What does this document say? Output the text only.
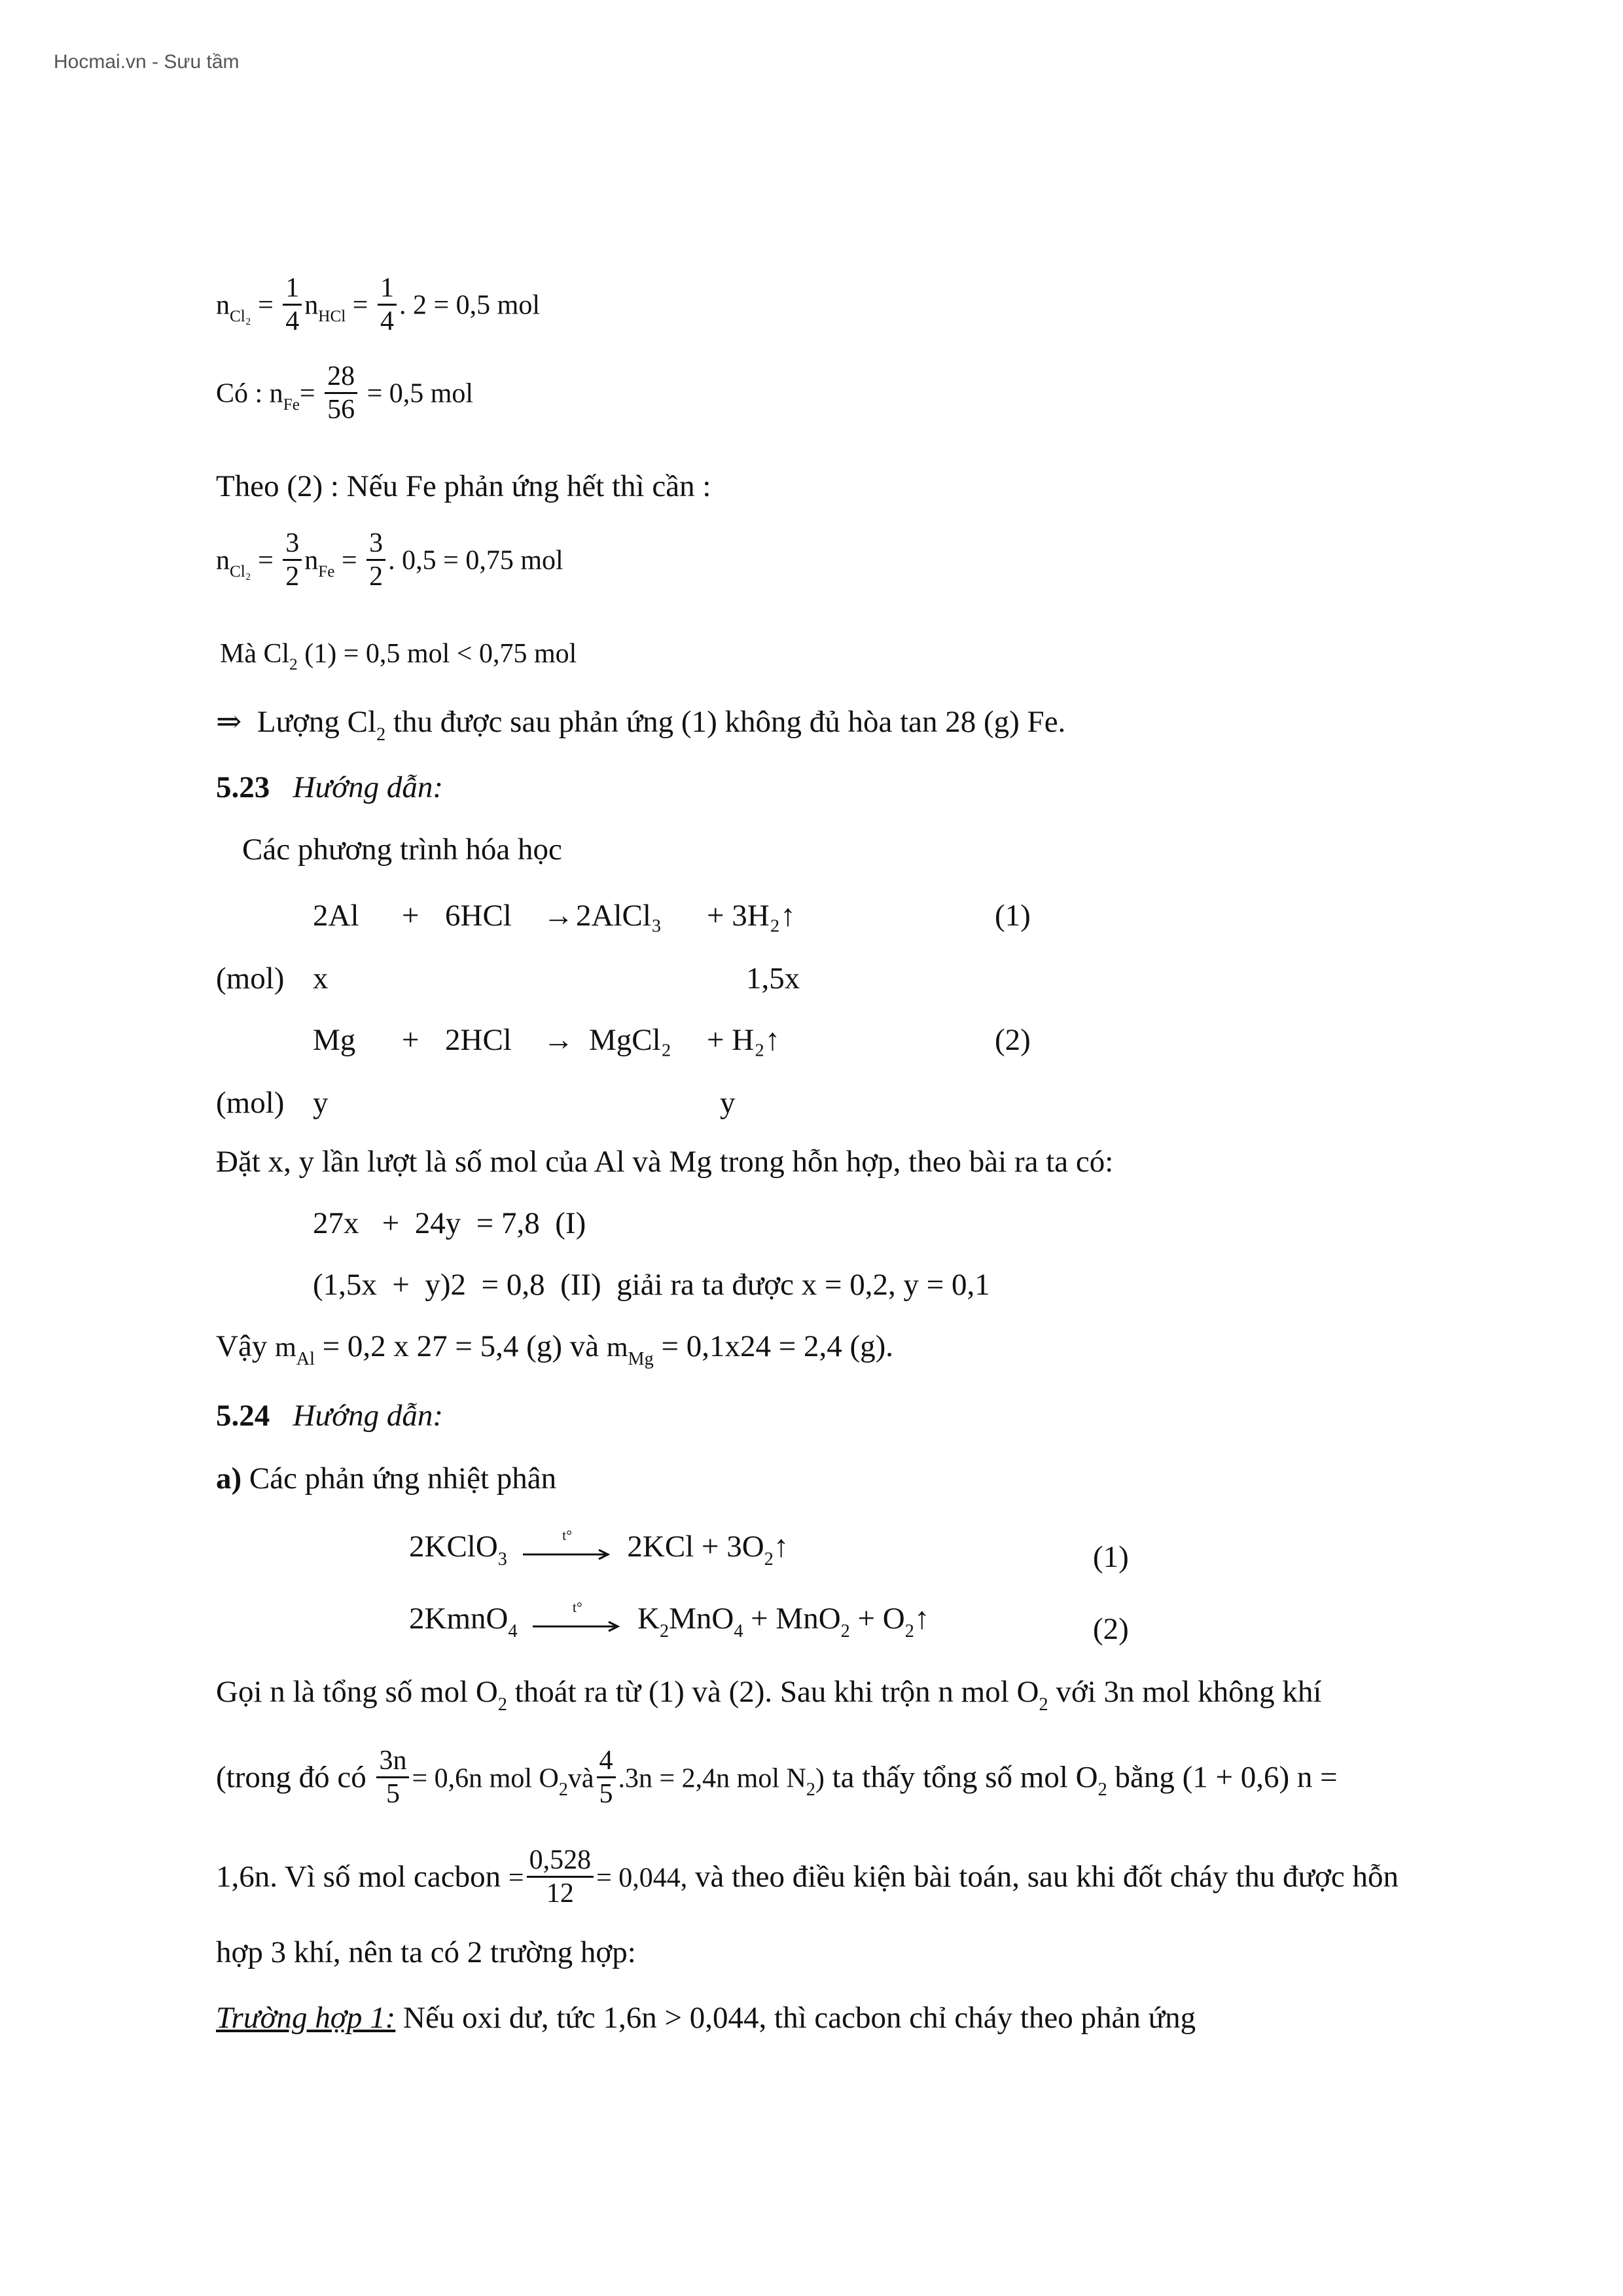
Hocmai.vn - Sưu tầm
$n_{Cl_2} = \frac{1}{4} n_{HCl} = \frac{1}{4}$ . 2 = 0,5 mol
Có : $n_{Fe}= \frac{28}{56} = 0,5$ mol
Theo (2) : Nếu Fe phản ứng hết thì cần :
$n_{Cl_2} = \frac{3}{2} n_{Fe} = \frac{3}{2}$ . 0,5 = 0,75 mol
Mà $Cl_2$ (1) = 0,5 mol < 0,75 mol
⇒ Lượng $Cl_2$ thu được sau phản ứng (1) không đủ hòa tan 28 (g) Fe.
5.23 Hướng dẫn:
Các phương trình hóa học
2Al + 6HCl → 2AlCl₃ + 3H₂↑	(1)
(mol) x	1,5x
Mg + 2HCl → MgCl₂ + H₂↑	(2)
(mol) y	y
Đặt x, y lần lượt là số mol của Al và Mg trong hỗn hợp, theo bài ra ta có:
27x   +  24y  = 7,8  (I)
(1,5x  +  y)2  = 0,8  (II)  giải ra ta được x = 0,2, y = 0,1
Vậy $m_{Al} = 0,2$ x 27 = 5,4 (g) và $m_{Mg} = 0,1x24 = 2,4$ (g).
5.24 Hướng dẫn:
a) Các phản ứng nhiệt phân
2KClO$_3$
t°	$2KCl + 3O_2↑$	(1)
2KmnO$_4$
t°	$K_2MnO_4 + MnO_2$ + $O_2↑$	(2)
Gọi n là tổng số mol $O_2$ thoát ra từ (1) và (2). Sau khi trộn n mol $O_2$ với 3n mol không khí
(trong đó có $\frac{3n}{5} = 0,6n$ mol $O_2và \frac{4}{5} .3n = 2,4n$ mol $N_2$) ta thấy tổng số mol $O_2$ bằng (1 + 0,6) n =
1,6n. Vì số mol cacbon = $\frac{0,528}{12} = 0,044$, và theo điều kiện bài toán, sau khi đốt cháy thu được hỗn
hợp 3 khí, nên ta có 2 trường hợp:
Trường hợp 1: Nếu oxi dư, tức 1,6n > 0,044, thì cacbon chỉ cháy theo phản ứng
